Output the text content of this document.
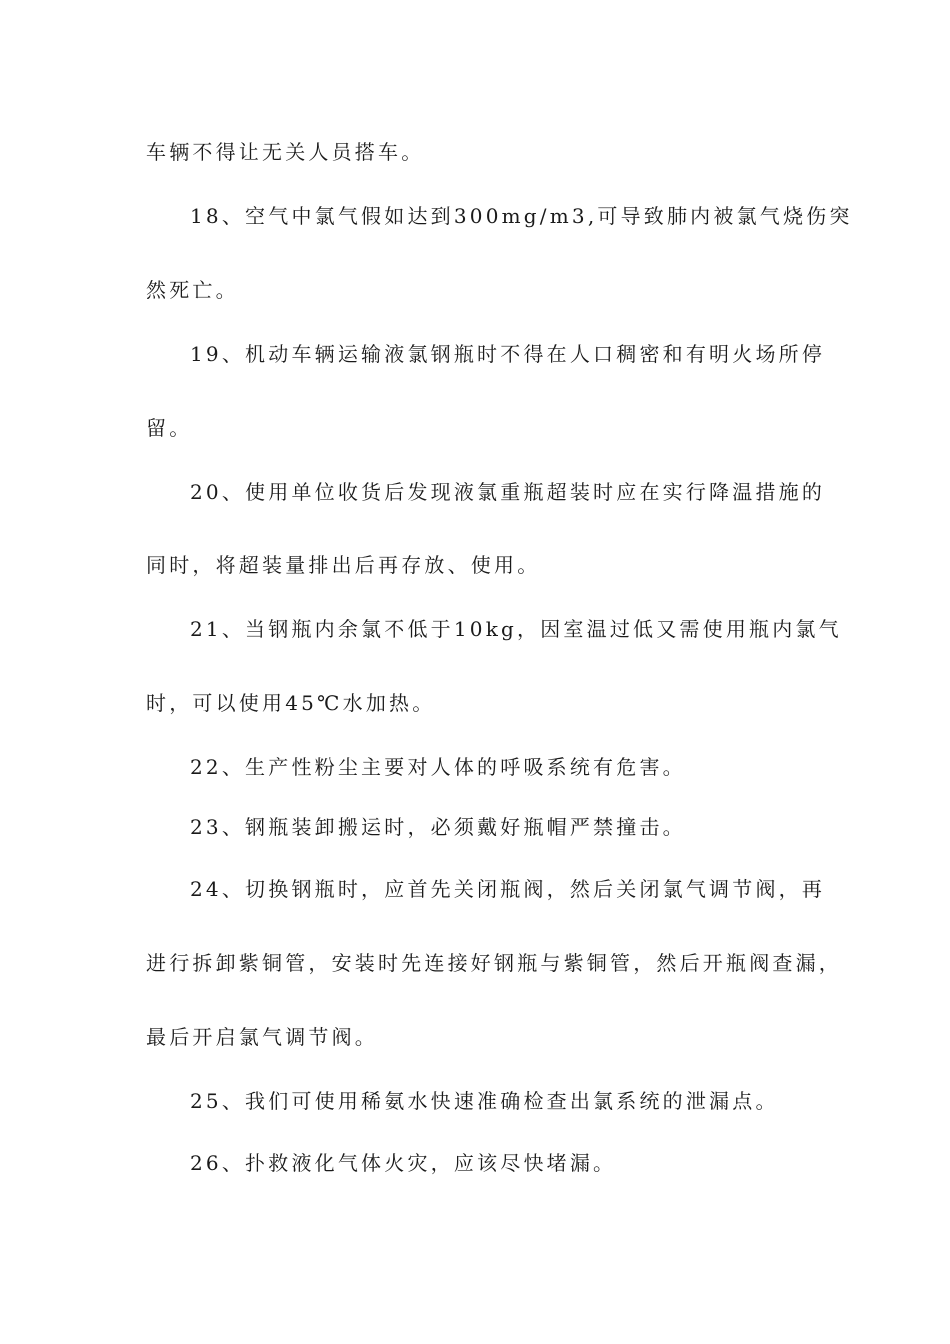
车辆不得让无关人员搭车。
18、空气中氯气假如达到300mg/m3,可导致肺内被氯气烧伤突
然死亡。
19、机动车辆运输液氯钢瓶时不得在人口稠密和有明火场所停
留。
20、使用单位收货后发现液氯重瓶超装时应在实行降温措施的
同时，将超装量排出后再存放、使用。
21、当钢瓶内余氯不低于10kg，因室温过低又需使用瓶内氯气
时，可以使用45℃水加热。
22、生产性粉尘主要对人体的呼吸系统有危害。
23、钢瓶装卸搬运时，必须戴好瓶帽严禁撞击。
24、切换钢瓶时，应首先关闭瓶阀，然后关闭氯气调节阀，再
进行拆卸紫铜管，安装时先连接好钢瓶与紫铜管，然后开瓶阀查漏，
最后开启氯气调节阀。
25、我们可使用稀氨水快速准确检查出氯系统的泄漏点。
26、扑救液化气体火灾，应该尽快堵漏。
